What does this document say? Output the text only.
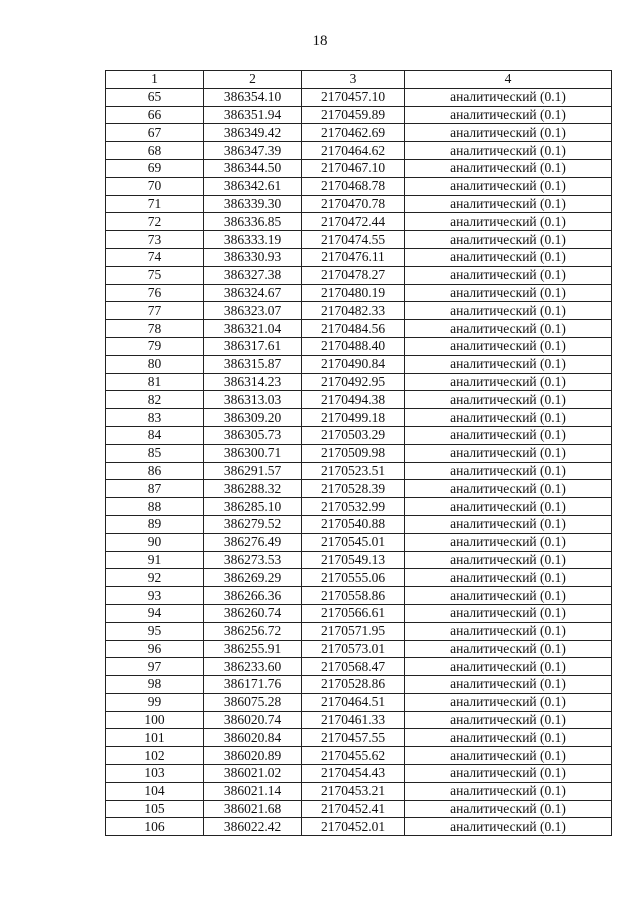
18
1	2	3	4
65	386354.10	2170457.10	аналитический (0.1)
66	386351.94	2170459.89	аналитический (0.1)
67	386349.42	2170462.69	аналитический (0.1)
68	386347.39	2170464.62	аналитический (0.1)
69	386344.50	2170467.10	аналитический (0.1)
70	386342.61	2170468.78	аналитический (0.1)
71	386339.30	2170470.78	аналитический (0.1)
72	386336.85	2170472.44	аналитический (0.1)
73	386333.19	2170474.55	аналитический (0.1)
74	386330.93	2170476.11	аналитический (0.1)
75	386327.38	2170478.27	аналитический (0.1)
76	386324.67	2170480.19	аналитический (0.1)
77	386323.07	2170482.33	аналитический (0.1)
78	386321.04	2170484.56	аналитический (0.1)
79	386317.61	2170488.40	аналитический (0.1)
80	386315.87	2170490.84	аналитический (0.1)
81	386314.23	2170492.95	аналитический (0.1)
82	386313.03	2170494.38	аналитический (0.1)
83	386309.20	2170499.18	аналитический (0.1)
84	386305.73	2170503.29	аналитический (0.1)
85	386300.71	2170509.98	аналитический (0.1)
86	386291.57	2170523.51	аналитический (0.1)
87	386288.32	2170528.39	аналитический (0.1)
88	386285.10	2170532.99	аналитический (0.1)
89	386279.52	2170540.88	аналитический (0.1)
90	386276.49	2170545.01	аналитический (0.1)
91	386273.53	2170549.13	аналитический (0.1)
92	386269.29	2170555.06	аналитический (0.1)
93	386266.36	2170558.86	аналитический (0.1)
94	386260.74	2170566.61	аналитический (0.1)
95	386256.72	2170571.95	аналитический (0.1)
96	386255.91	2170573.01	аналитический (0.1)
97	386233.60	2170568.47	аналитический (0.1)
98	386171.76	2170528.86	аналитический (0.1)
99	386075.28	2170464.51	аналитический (0.1)
100	386020.74	2170461.33	аналитический (0.1)
101	386020.84	2170457.55	аналитический (0.1)
102	386020.89	2170455.62	аналитический (0.1)
103	386021.02	2170454.43	аналитический (0.1)
104	386021.14	2170453.21	аналитический (0.1)
105	386021.68	2170452.41	аналитический (0.1)
106	386022.42	2170452.01	аналитический (0.1)
